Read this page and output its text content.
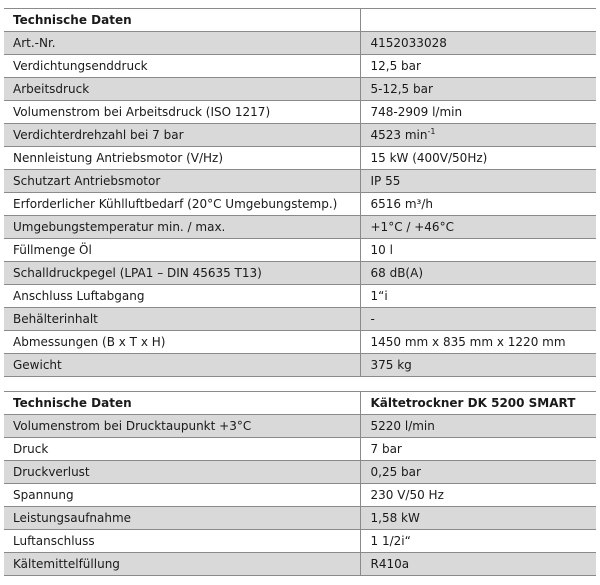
Technische Daten	
Art.-Nr.	4152033028
Verdichtungsenddruck	12,5 bar
Arbeitsdruck	5-12,5 bar
Volumenstrom bei Arbeitsdruck (ISO 1217)	748-2909 l/min
Verdichterdrehzahl bei 7 bar	4523 $\min^{-1}$
Nennleistung Antriebsmotor (V/Hz)	15 kW (400V/50Hz)
Schutzart Antriebsmotor	IP 55
Erforderlicher Kühlluftbedarf (20°C Umgebungstemp.)	6516 m³/h
Umgebungstemperatur min. / max.	+1°C / +46°C
Füllmenge Öl	10 l
Schalldruckpegel (LPA1 – DIN 45635 T13)	68 dB(A)
Anschluss Luftabgang	1“i
Behälterinhalt	-
Abmessungen (B x T x H)	1450 mm x 835 mm x 1220 mm
Gewicht	375 kg
Technische Daten	Kältetrockner DK 5200 SMART
Volumenstrom bei Drucktaupunkt +3°C	5220 l/min
Druck	7 bar
Druckverlust	0,25 bar
Spannung	230 V/50 Hz
Leistungsaufnahme	1,58 kW
Luftanschluss	1 1/2i“
Kältemittelfüllung	R410a
